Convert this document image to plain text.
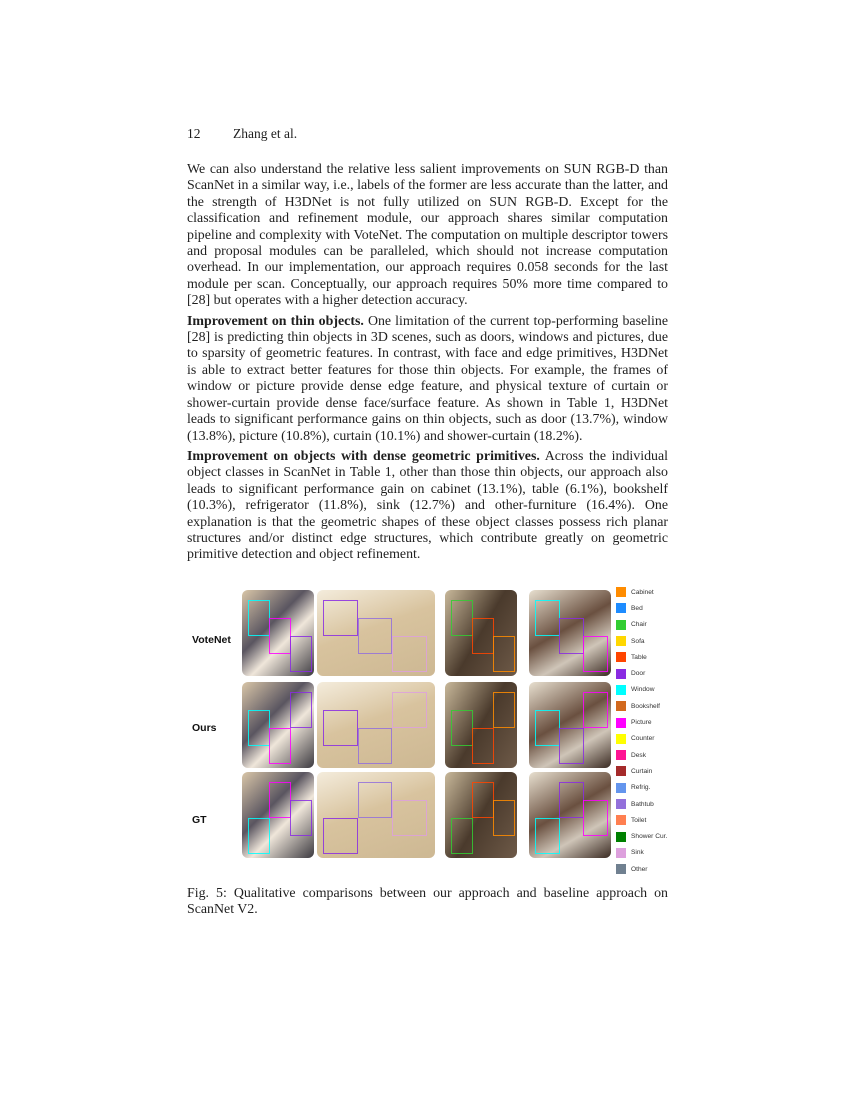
12 Zhang et al.

We can also understand the relative less salient improvements on SUN RGB-D than ScanNet in a similar way, i.e., labels of the former are less accurate than the latter, and the strength of H3DNet is not fully utilized on SUN RGB-D. Except for the classification and refinement module, our approach shares similar computation pipeline and complexity with VoteNet. The computation on multiple descriptor towers and proposal modules can be paralleled, which should not increase computation overhead. In our implementation, our approach requires 0.058 seconds for the last module per scan. Conceptually, our approach requires 50% more time compared to [28] but operates with a higher detection accuracy.

Improvement on thin objects. One limitation of the current top-performing baseline [28] is predicting thin objects in 3D scenes, such as doors, windows and pictures, due to sparsity of geometric features. In contrast, with face and edge primitives, H3DNet is able to extract better features for those thin objects. For example, the frames of window or picture provide dense edge feature, and physical texture of curtain or shower-curtain provide dense face/surface feature. As shown in Table 1, H3DNet leads to significant performance gains on thin objects, such as door (13.7%), window (13.8%), picture (10.8%), curtain (10.1%) and shower-curtain (18.2%).

Improvement on objects with dense geometric primitives. Across the individual object classes in ScanNet in Table 1, other than those thin objects, our approach also leads to significant performance gain on cabinet (13.1%), table (6.1%), bookshelf (10.3%), refrigerator (11.8%), sink (12.7%) and other-furniture (16.4%). One explanation is that the geometric shapes of these object classes possess rich planar structures and/or distinct edge structures, which contribute greatly on geometric primitive detection and object refinement.

VoteNet
Ours
GT
Cabinet
Bed
Chair
Sofa
Table
Door
Window
Bookshelf
Picture
Counter
Desk
Curtain
Refrig.
Bathtub
Toilet
Shower Cur.
Sink
Other
Fig. 5: Qualitative comparisons between our approach and baseline approach on ScanNet V2.
